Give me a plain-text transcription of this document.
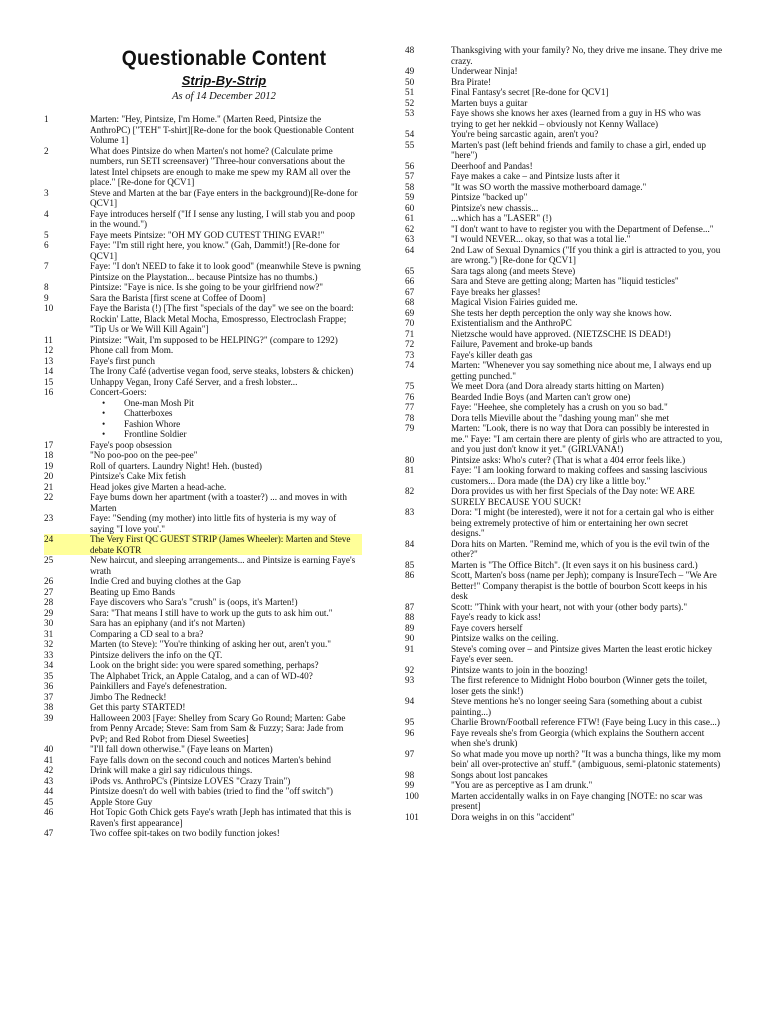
Questionable Content
Strip-By-Strip
As of 14 December 2012
1	Marten: "Hey, Pintsize, I'm Home." (Marten Reed, Pintsize the AnthroPC) ["TEH" T-shirt][Re-done for the book Questionable Content Volume 1]
2	What does Pintsize do when Marten's not home? (Calculate prime numbers, run SETI screensaver) "Three-hour conversations about the latest Intel chipsets are enough to make me spew my RAM all over the place." [Re-done for QCV1]
3	Steve and Marten at the bar (Faye enters in the background)[Re-done for QCV1]
4	Faye introduces herself ("If I sense any lusting, I will stab you and poop in the wound.")
5	Faye meets Pintsize: "OH MY GOD CUTEST THING EVAR!"
6	Faye: "I'm still right here, you know." (Gah, Dammit!) [Re-done for QCV1]
7	Faye: "I don't NEED to fake it to look good" (meanwhile Steve is pwning Pintsize on the Playstation... because Pintsize has no thumbs.)
8	Pintsize: "Faye is nice. Is she going to be your girlfriend now?"
9	Sara the Barista [first scene at Coffee of Doom]
10	Faye the Barista (!) [The first "specials of the day" we see on the board: Rockin' Latte, Black Metal Mocha, Emospresso, Electroclash Frappe; "Tip Us or We Will Kill Again"]
11	Pintsize: "Wait, I'm supposed to be HELPING?" (compare to 1292)
12	Phone call from Mom.
13	Faye's first punch
14	The Irony Café (advertise vegan food, serve steaks, lobsters & chicken)
15	Unhappy Vegan, Irony Café Server, and a fresh lobster...
16	Concert-Goers:
• One-man Mosh Pit
• Chatterboxes
• Fashion Whore
• Frontline Soldier
17	Faye's poop obsession
18	"No poo-poo on the pee-pee"
19	Roll of quarters. Laundry Night! Heh. (busted)
20	Pintsize's Cake Mix fetish
21	Head jokes give Marten a head-ache.
22	Faye bums down her apartment (with a toaster?) ... and moves in with Marten
23	Faye: "Sending (my mother) into little fits of hysteria is my way of saying "I love you'."
24	The Very First QC GUEST STRIP (James Wheeler): Marten and Steve debate KOTR
25	New haircut, and sleeping arrangements... and Pintsize is earning Faye's wrath
26	Indie Cred and buying clothes at the Gap
27	Beating up Emo Bands
28	Faye discovers who Sara's "crush" is (oops, it's Marten!)
29	Sara: "That means I still have to work up the guts to ask him out."
30	Sara has an epiphany (and it's not Marten)
31	Comparing a CD seal to a bra?
32	Marten (to Steve): "You're thinking of asking her out, aren't you."
33	Pintsize delivers the info on the QT.
34	Look on the bright side: you were spared something, perhaps?
35	The Alphabet Trick, an Apple Catalog, and a can of WD-40?
36	Painkillers and Faye's defenestration.
37	Jimbo The Redneck!
38	Get this party STARTED!
39	Halloween 2003 [Faye: Shelley from Scary Go Round; Marten: Gabe from Penny Arcade; Steve: Sam from Sam & Fuzzy; Sara: Jade from PvP; and Red Robot from Diesel Sweeties]
40	"I'll fall down otherwise." (Faye leans on Marten)
41	Faye falls down on the second couch and notices Marten's behind
42	Drink will make a girl say ridiculous things.
43	iPods vs. AnthroPC's (Pintsize LOVES "Crazy Train")
44	Pintsize doesn't do well with babies (tried to find the "off switch")
45	Apple Store Guy
46	Hot Topic Goth Chick gets Faye's wrath [Jeph has intimated that this is Raven's first appearance]
47	Two coffee spit-takes on two bodily function jokes!
48	Thanksgiving with your family? No, they drive me insane. They drive me crazy.
49	Underwear Ninja!
50	Bra Pirate!
51	Final Fantasy's secret [Re-done for QCV1]
52	Marten buys a guitar
53	Faye shows she knows her axes (learned from a guy in HS who was trying to get her nekkid – obviously not Kenny Wallace)
54	You're being sarcastic again, aren't you?
55	Marten's past (left behind friends and family to chase a girl, ended up "here")
56	Deerhoof and Pandas!
57	Faye makes a cake – and Pintsize lusts after it
58	"It was SO worth the massive motherboard damage."
59	Pintsize "backed up"
60	Pintsize's new chassis...
61	...which has a "LASER" (!)
62	"I don't want to have to register you with the Department of Defense..."
63	"I would NEVER... okay, so that was a total lie."
64	2nd Law of Sexual Dynamics ("If you think a girl is attracted to you, you are wrong.") [Re-done for QCV1]
65	Sara tags along (and meets Steve)
66	Sara and Steve are getting along; Marten has "liquid testicles"
67	Faye breaks her glasses!
68	Magical Vision Fairies guided me.
69	She tests her depth perception the only way she knows how.
70	Existentialism and the AnthroPC
71	Nietzsche would have approved. (NIETZSCHE IS DEAD!)
72	Failure, Pavement and broke-up bands
73	Faye's killer death gas
74	Marten: "Whenever you say something nice about me, I always end up getting punched."
75	We meet Dora (and Dora already starts hitting on Marten)
76	Bearded Indie Boys (and Marten can't grow one)
77	Faye: "Heehee, she completely has a crush on you so bad."
78	Dora tells Mieville about the "dashing young man" she met
79	Marten: "Look, there is no way that Dora can possibly be interested in me." Faye: "I am certain there are plenty of girls who are attracted to you, and you just don't know it yet." (GIRLVANA!)
80	Pintsize asks: Who's cuter? (That is what a 404 error feels like.)
81	Faye: "I am looking forward to making coffees and sassing lascivious customers... Dora made (the DA) cry like a little boy."
82	Dora provides us with her first Specials of the Day note: WE ARE SURELY BECAUSE YOU SUCK!
83	Dora: "I might (be interested), were it not for a certain gal who is either being extremely protective of him or entertaining her own secret designs."
84	Dora hits on Marten. "Remind me, which of you is the evil twin of the other?"
85	Marten is "The Office Bitch". (It even says it on his business card.)
86	Scott, Marten's boss (name per Jeph); company is InsureTech – "We Are Better!" Company therapist is the bottle of bourbon Scott keeps in his desk
87	Scott: "Think with your heart, not with your (other body parts)."
88	Faye's ready to kick ass!
89	Faye covers herself
90	Pintsize walks on the ceiling.
91	Steve's coming over – and Pintsize gives Marten the least erotic hickey Faye's ever seen.
92	Pintsize wants to join in the boozing!
93	The first reference to Midnight Hobo bourbon (Winner gets the toilet, loser gets the sink!)
94	Steve mentions he's no longer seeing Sara (something about a cubist painting...)
95	Charlie Brown/Football reference FTW! (Faye being Lucy in this case...)
96	Faye reveals she's from Georgia (which explains the Southern accent when she's drunk)
97	So what made you move up north? "It was a buncha things, like my mom bein' all over-protective an' stuff." (ambiguous, semi-platonic statements)
98	Songs about lost pancakes
99	"You are as perceptive as I am drunk."
100	Marten accidentally walks in on Faye changing [NOTE: no scar was present]
101	Dora weighs in on this "accident"
